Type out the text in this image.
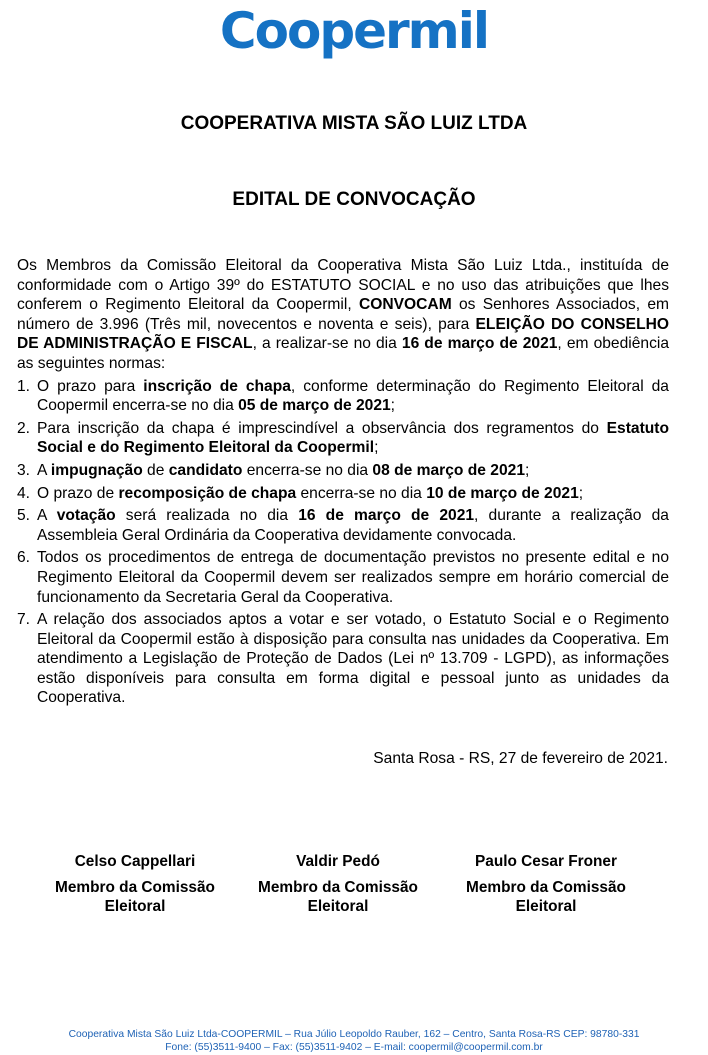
Coopermil
COOPERATIVA MISTA SÃO LUIZ LTDA
EDITAL DE CONVOCAÇÃO

Os Membros da Comissão Eleitoral da Cooperativa Mista São Luiz Ltda., instituída de conformidade com o Artigo 39º do ESTATUTO SOCIAL e no uso das atribuições que lhes conferem o Regimento Eleitoral da Coopermil, CONVOCAM os Senhores Associados, em número de 3.996 (Três mil, novecentos e noventa e seis), para ELEIÇÃO DO CONSELHO DE ADMINISTRAÇÃO E FISCAL, a realizar-se no dia 16 de março de 2021, em obediência as seguintes normas:

1. O prazo para inscrição de chapa, conforme determinação do Regimento Eleitoral da Coopermil encerra-se no dia 05 de março de 2021;
2. Para inscrição da chapa é imprescindível a observância dos regramentos do Estatuto Social e do Regimento Eleitoral da Coopermil;
3. A impugnação de candidato encerra-se no dia 08 de março de 2021;
4. O prazo de recomposição de chapa encerra-se no dia 10 de março de 2021;
5. A votação será realizada no dia 16 de março de 2021, durante a realização da Assembleia Geral Ordinária da Cooperativa devidamente convocada.
6. Todos os procedimentos de entrega de documentação previstos no presente edital e no Regimento Eleitoral da Coopermil devem ser realizados sempre em horário comercial de funcionamento da Secretaria Geral da Cooperativa.
7. A relação dos associados aptos a votar e ser votado, o Estatuto Social e o Regimento Eleitoral da Coopermil estão à disposição para consulta nas unidades da Cooperativa. Em atendimento a Legislação de Proteção de Dados (Lei nº 13.709 - LGPD), as informações estão disponíveis para consulta em forma digital e pessoal junto as unidades da Cooperativa.
Santa Rosa - RS, 27 de fevereiro de 2021.
Celso Cappellari
Membro da Comissão Eleitoral
Valdir Pedó
Membro da Comissão Eleitoral
Paulo Cesar Froner
Membro da Comissão Eleitoral
Cooperativa Mista São Luiz Ltda-COOPERMIL – Rua Júlio Leopoldo Rauber, 162 – Centro, Santa Rosa-RS CEP: 98780-331
Fone: (55)3511-9400 – Fax: (55)3511-9402 – E-mail: coopermil@coopermil.com.br
